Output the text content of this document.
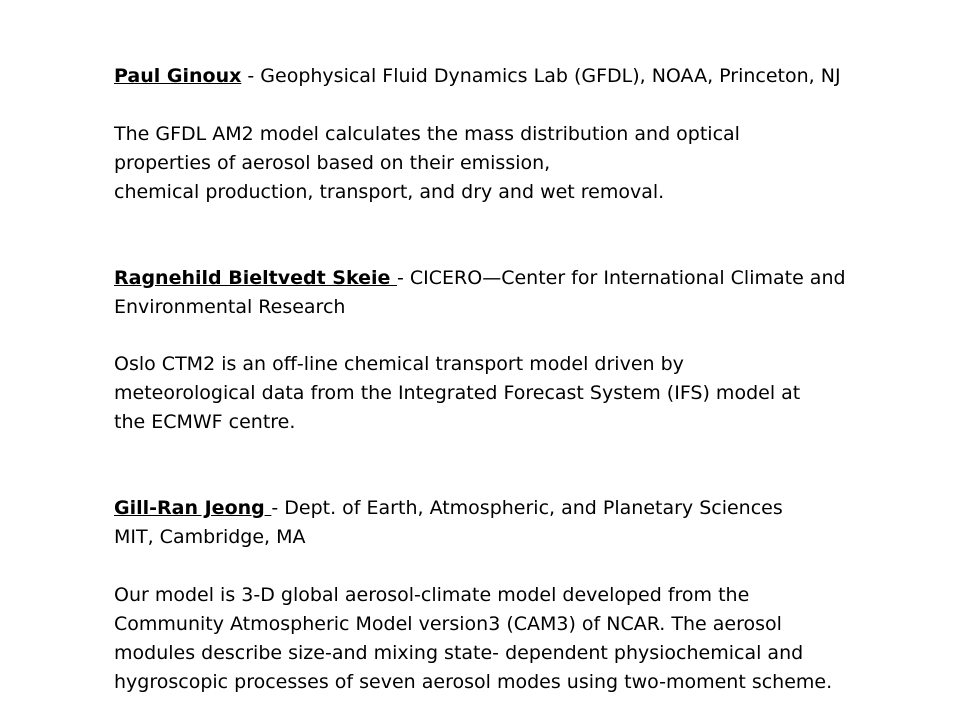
Paul Ginoux - Geophysical Fluid Dynamics Lab (GFDL), NOAA, Princeton, NJ
The GFDL AM2 model calculates the mass distribution and optical
properties of aerosol based on their emission,
chemical production, transport, and dry and wet removal.
Ragnehild Bieltvedt Skeie - CICERO—Center for International Climate and
Environmental Research
Oslo CTM2 is an off-line chemical transport model driven by
meteorological data from the Integrated Forecast System (IFS) model at
the ECMWF centre.
Gill-Ran Jeong - Dept. of Earth, Atmospheric, and Planetary Sciences
MIT, Cambridge, MA
Our model is 3-D global aerosol-climate model developed from the
Community Atmospheric Model version3 (CAM3) of NCAR. The aerosol
modules describe size-and mixing state- dependent physiochemical and
hygroscopic processes of seven aerosol modes using two-moment scheme.
